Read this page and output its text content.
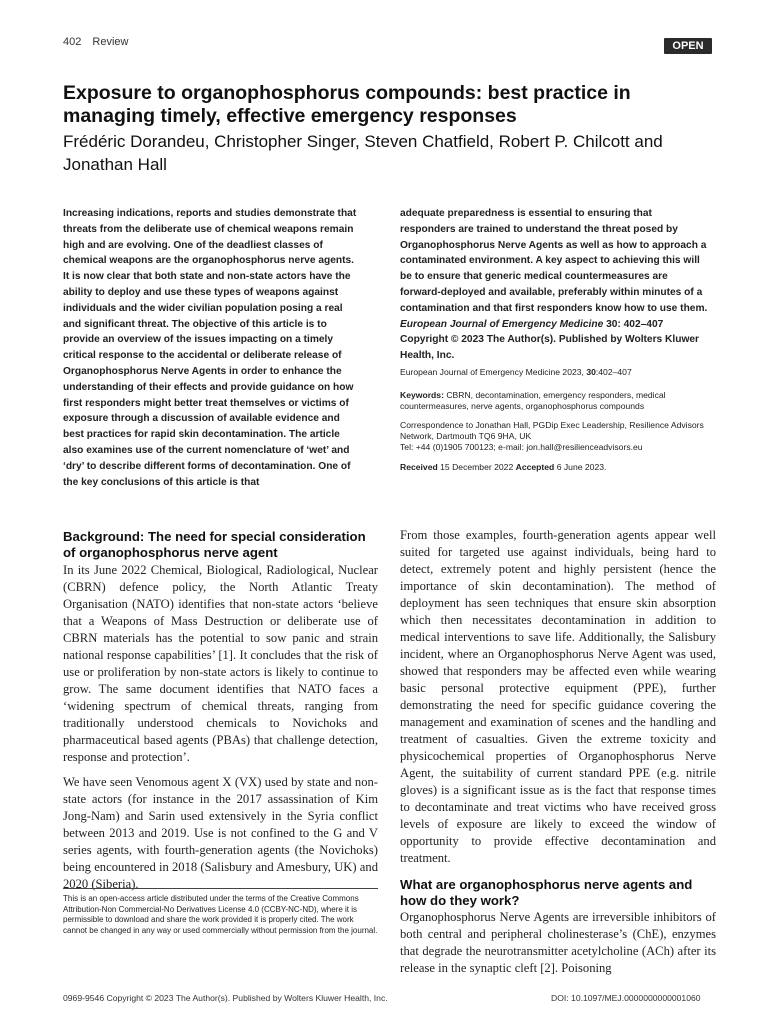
402 Review	OPEN
Exposure to organophosphorus compounds: best practice in managing timely, effective emergency responses
Frédéric Dorandeu, Christopher Singer, Steven Chatfield, Robert P. Chilcott and Jonathan Hall
Increasing indications, reports and studies demonstrate that threats from the deliberate use of chemical weapons remain high and are evolving. One of the deadliest classes of chemical weapons are the organophosphorus nerve agents. It is now clear that both state and non-state actors have the ability to deploy and use these types of weapons against individuals and the wider civilian population posing a real and significant threat. The objective of this article is to provide an overview of the issues impacting on a timely critical response to the accidental or deliberate release of Organophosphorus Nerve Agents in order to enhance the understanding of their effects and provide guidance on how first responders might better treat themselves or victims of exposure through a discussion of available evidence and best practices for rapid skin decontamination. The article also examines use of the current nomenclature of ‘wet’ and ‘dry’ to describe different forms of decontamination. One of the key conclusions of this article is that
adequate preparedness is essential to ensuring that responders are trained to understand the threat posed by Organophosphorus Nerve Agents as well as how to approach a contaminated environment. A key aspect to achieving this will be to ensure that generic medical countermeasures are forward-deployed and available, preferably within minutes of a contamination and that first responders know how to use them. European Journal of Emergency Medicine 30: 402–407 Copyright © 2023 The Author(s). Published by Wolters Kluwer Health, Inc.
European Journal of Emergency Medicine 2023, 30:402–407
Keywords: CBRN, decontamination, emergency responders, medical countermeasures, nerve agents, organophosphorus compounds
Correspondence to Jonathan Hall, PGDip Exec Leadership, Resilience Advisors Network, Dartmouth TQ6 9HA, UK
Tel: +44 (0)1905 700123; e-mail: jon.hall@resilienceadvisors.eu
Received 15 December 2022 Accepted 6 June 2023.
Background: The need for special consideration of organophosphorus nerve agent

In its June 2022 Chemical, Biological, Radiological, Nuclear (CBRN) defence policy, the North Atlantic Treaty Organisation (NATO) identifies that non-state actors ‘believe that a Weapons of Mass Destruction or deliberate use of CBRN materials has the potential to sow panic and strain national response capabilities’ [1]. It concludes that the risk of use or proliferation by non-state actors is likely to continue to grow. The same document identifies that NATO faces a ‘widening spectrum of chemical threats, ranging from traditionally understood chemicals to Novichoks and pharmaceutical based agents (PBAs) that challenge detection, response and protection’.

We have seen Venomous agent X (VX) used by state and non-state actors (for instance in the 2017 assassination of Kim Jong-Nam) and Sarin used extensively in the Syria conflict between 2013 and 2019. Use is not confined to the G and V series agents, with fourth-generation agents (the Novichoks) being encountered in 2018 (Salisbury and Amesbury, UK) and 2020 (Siberia).

From those examples, fourth-generation agents appear well suited for targeted use against individuals, being hard to detect, extremely potent and highly persistent (hence the importance of skin decontamination). The method of deployment has seen techniques that ensure skin absorption which then necessitates decontamination in addition to medical interventions to save life. Additionally, the Salisbury incident, where an Organophosphorus Nerve Agent was used, showed that responders may be affected even while wearing basic personal protective equipment (PPE), further demonstrating the need for specific guidance covering the management and examination of scenes and the handling and treatment of casualties. Given the extreme toxicity and physicochemical properties of Organophosphorus Nerve Agent, the suitability of current standard PPE (e.g. nitrile gloves) is a significant issue as is the fact that response times to decontaminate and treat victims who have received gross levels of exposure are likely to exceed the window of opportunity to provide effective decontamination and treatment.

What are organophosphorus nerve agents and how do they work?

Organophosphorus Nerve Agents are irreversible inhibitors of both central and peripheral cholinesterase’s (ChE), enzymes that degrade the neurotransmitter acetylcholine (ACh) after its release in the synaptic cleft [2]. Poisoning

This is an open-access article distributed under the terms of the Creative Commons Attribution-Non Commercial-No Derivatives License 4.0 (CCBY-NC-ND), where it is permissible to download and share the work provided it is properly cited. The work cannot be changed in any way or used commercially without permission from the journal.
0969-9546 Copyright © 2023 The Author(s). Published by Wolters Kluwer Health, Inc.	DOI: 10.1097/MEJ.0000000000001060
